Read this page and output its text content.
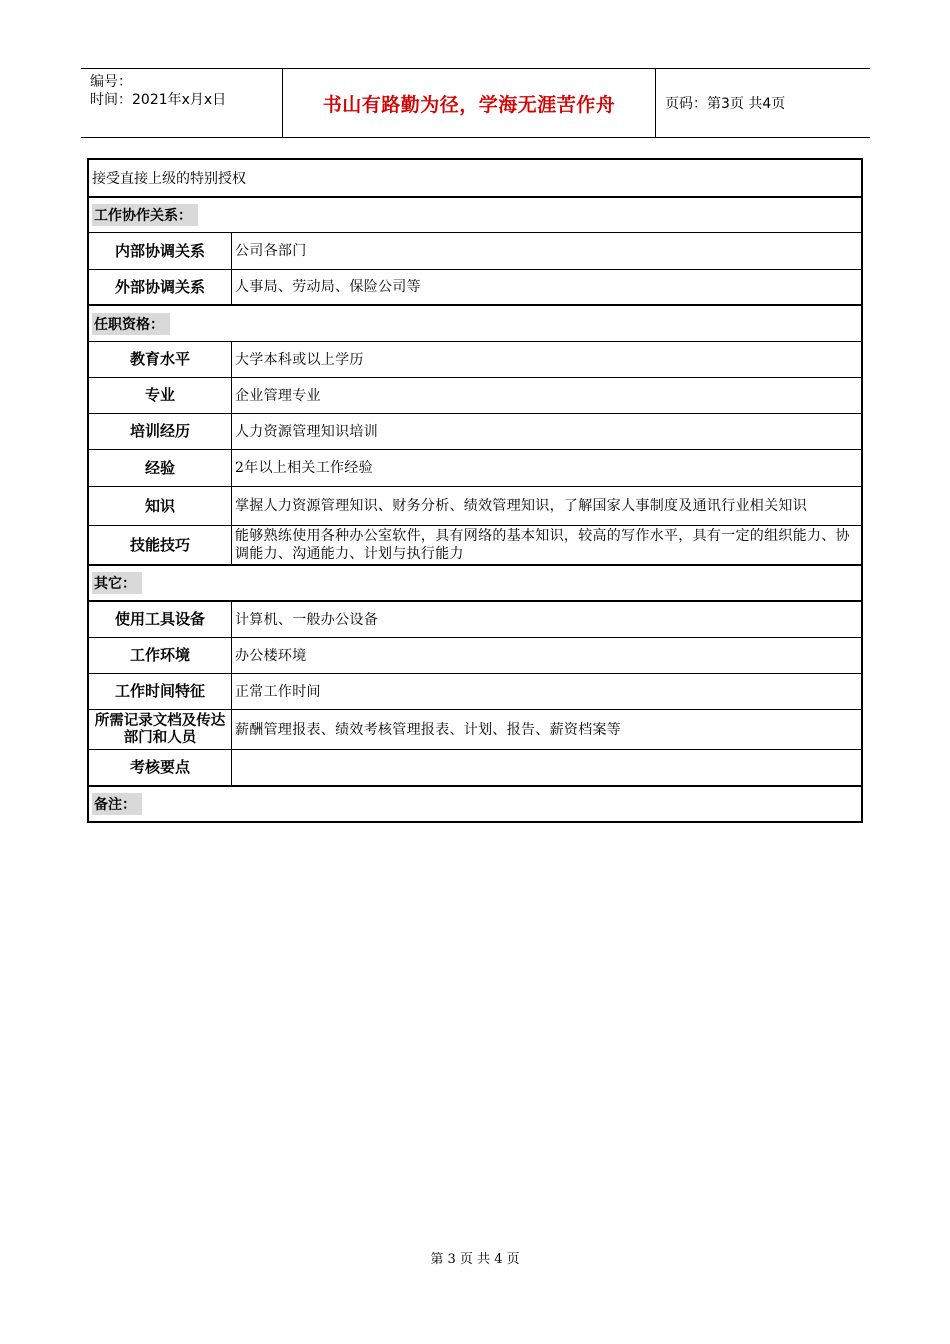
编号：
时间：2021年x月x日	书山有路勤为径，学海无涯苦作舟	页码：第3页 共4页
接受直接上级的特别授权
工作协作关系：
内部协调关系	公司各部门
外部协调关系	人事局、劳动局、保险公司等
任职资格：
教育水平	大学本科或以上学历
专业	企业管理专业
培训经历	人力资源管理知识培训
经验	2年以上相关工作经验
知识	掌握人力资源管理知识、财务分析、绩效管理知识，了解国家人事制度及通讯行业相关知识
技能技巧	能够熟练使用各种办公室软件，具有网络的基本知识，较高的写作水平，具有一定的组织能力、协调能力、沟通能力、计划与执行能力
其它：
使用工具设备	计算机、一般办公设备
工作环境	办公楼环境
工作时间特征	正常工作时间
所需记录文档及传达部门和人员	薪酬管理报表、绩效考核管理报表、计划、报告、薪资档案等
考核要点
备注：
第 3 页 共 4 页
